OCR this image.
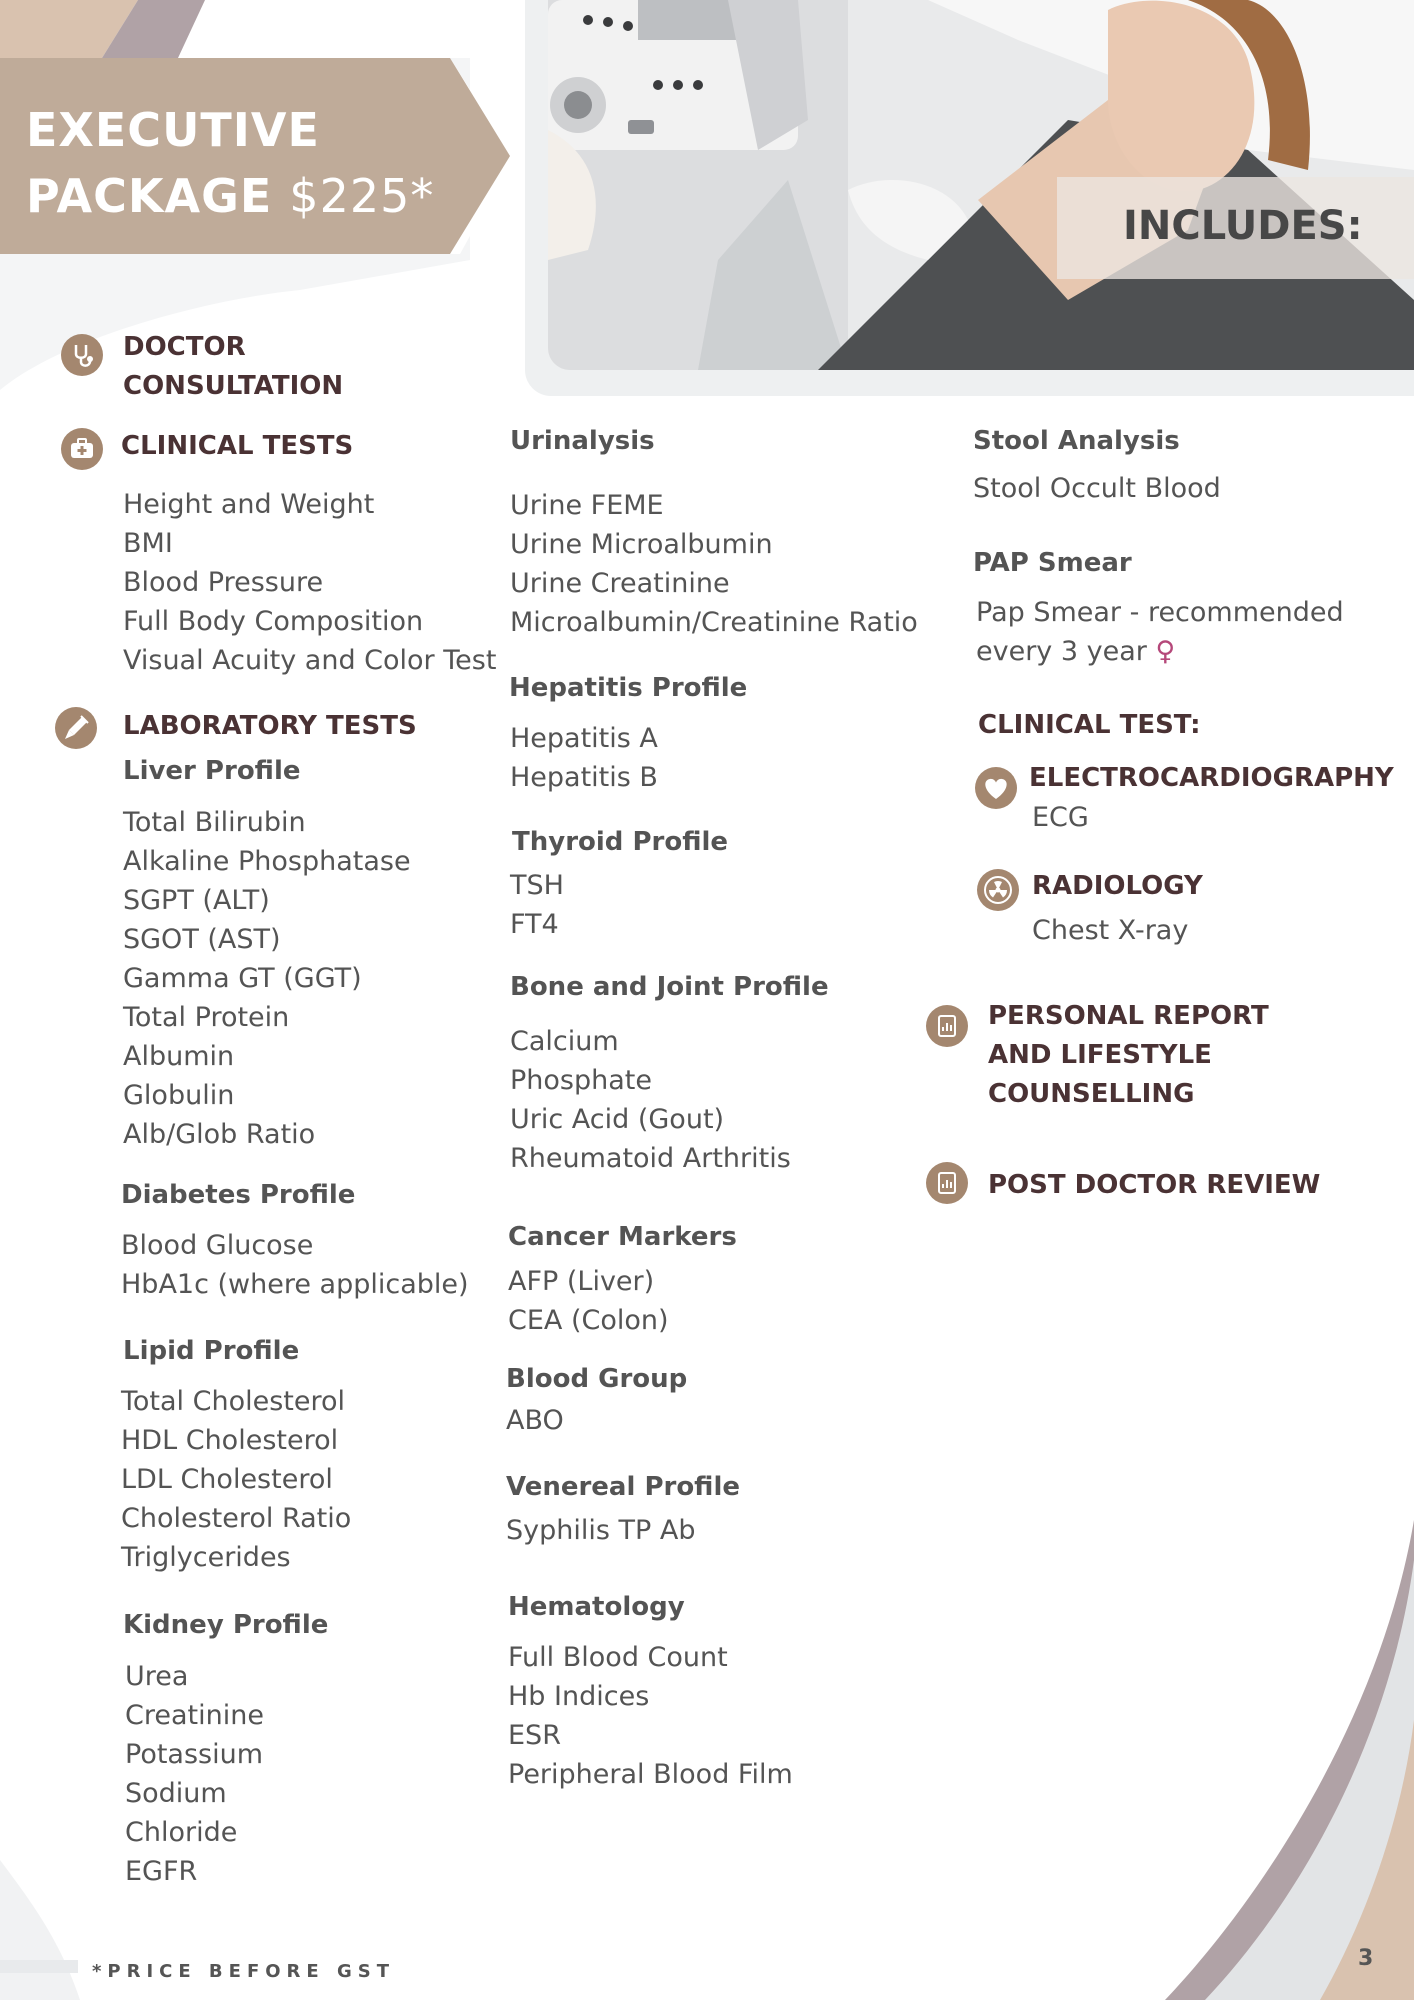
EXECUTIVE
PACKAGE $225*
INCLUDES:
DOCTOR
CONSULTATION
CLINICAL TESTS
Height and Weight
BMI
Blood Pressure
Full Body Composition
Visual Acuity and Color Test
LABORATORY TESTS
Liver Profile
Total Bilirubin
Alkaline Phosphatase
SGPT (ALT)
SGOT (AST)
Gamma GT (GGT)
Total Protein
Albumin
Globulin
Alb/Glob Ratio
Diabetes Profile
Blood Glucose
HbA1c (where applicable)
Lipid Profile
Total Cholesterol
HDL Cholesterol
LDL Cholesterol
Cholesterol Ratio
Triglycerides
Kidney Profile
Urea
Creatinine
Potassium
Sodium
Chloride
EGFR
Urinalysis
Urine FEME
Urine Microalbumin
Urine Creatinine
Microalbumin/Creatinine Ratio
Hepatitis Profile
Hepatitis A
Hepatitis B
Thyroid Profile
TSH
FT4
Bone and Joint Profile
Calcium
Phosphate
Uric Acid (Gout)
Rheumatoid Arthritis
Cancer Markers
AFP (Liver)
CEA (Colon)
Blood Group
ABO
Venereal Profile
Syphilis TP Ab
Hematology
Full Blood Count
Hb Indices
ESR
Peripheral Blood Film
Stool Analysis
Stool Occult Blood
PAP Smear
Pap Smear - recommended
every 3 year ♀
CLINICAL TEST:
ELECTROCARDIOGRAPHY
ECG
RADIOLOGY
Chest X-ray
PERSONAL REPORT
AND LIFESTYLE
COUNSELLING
POST DOCTOR REVIEW
*PRICE BEFORE GST
3
